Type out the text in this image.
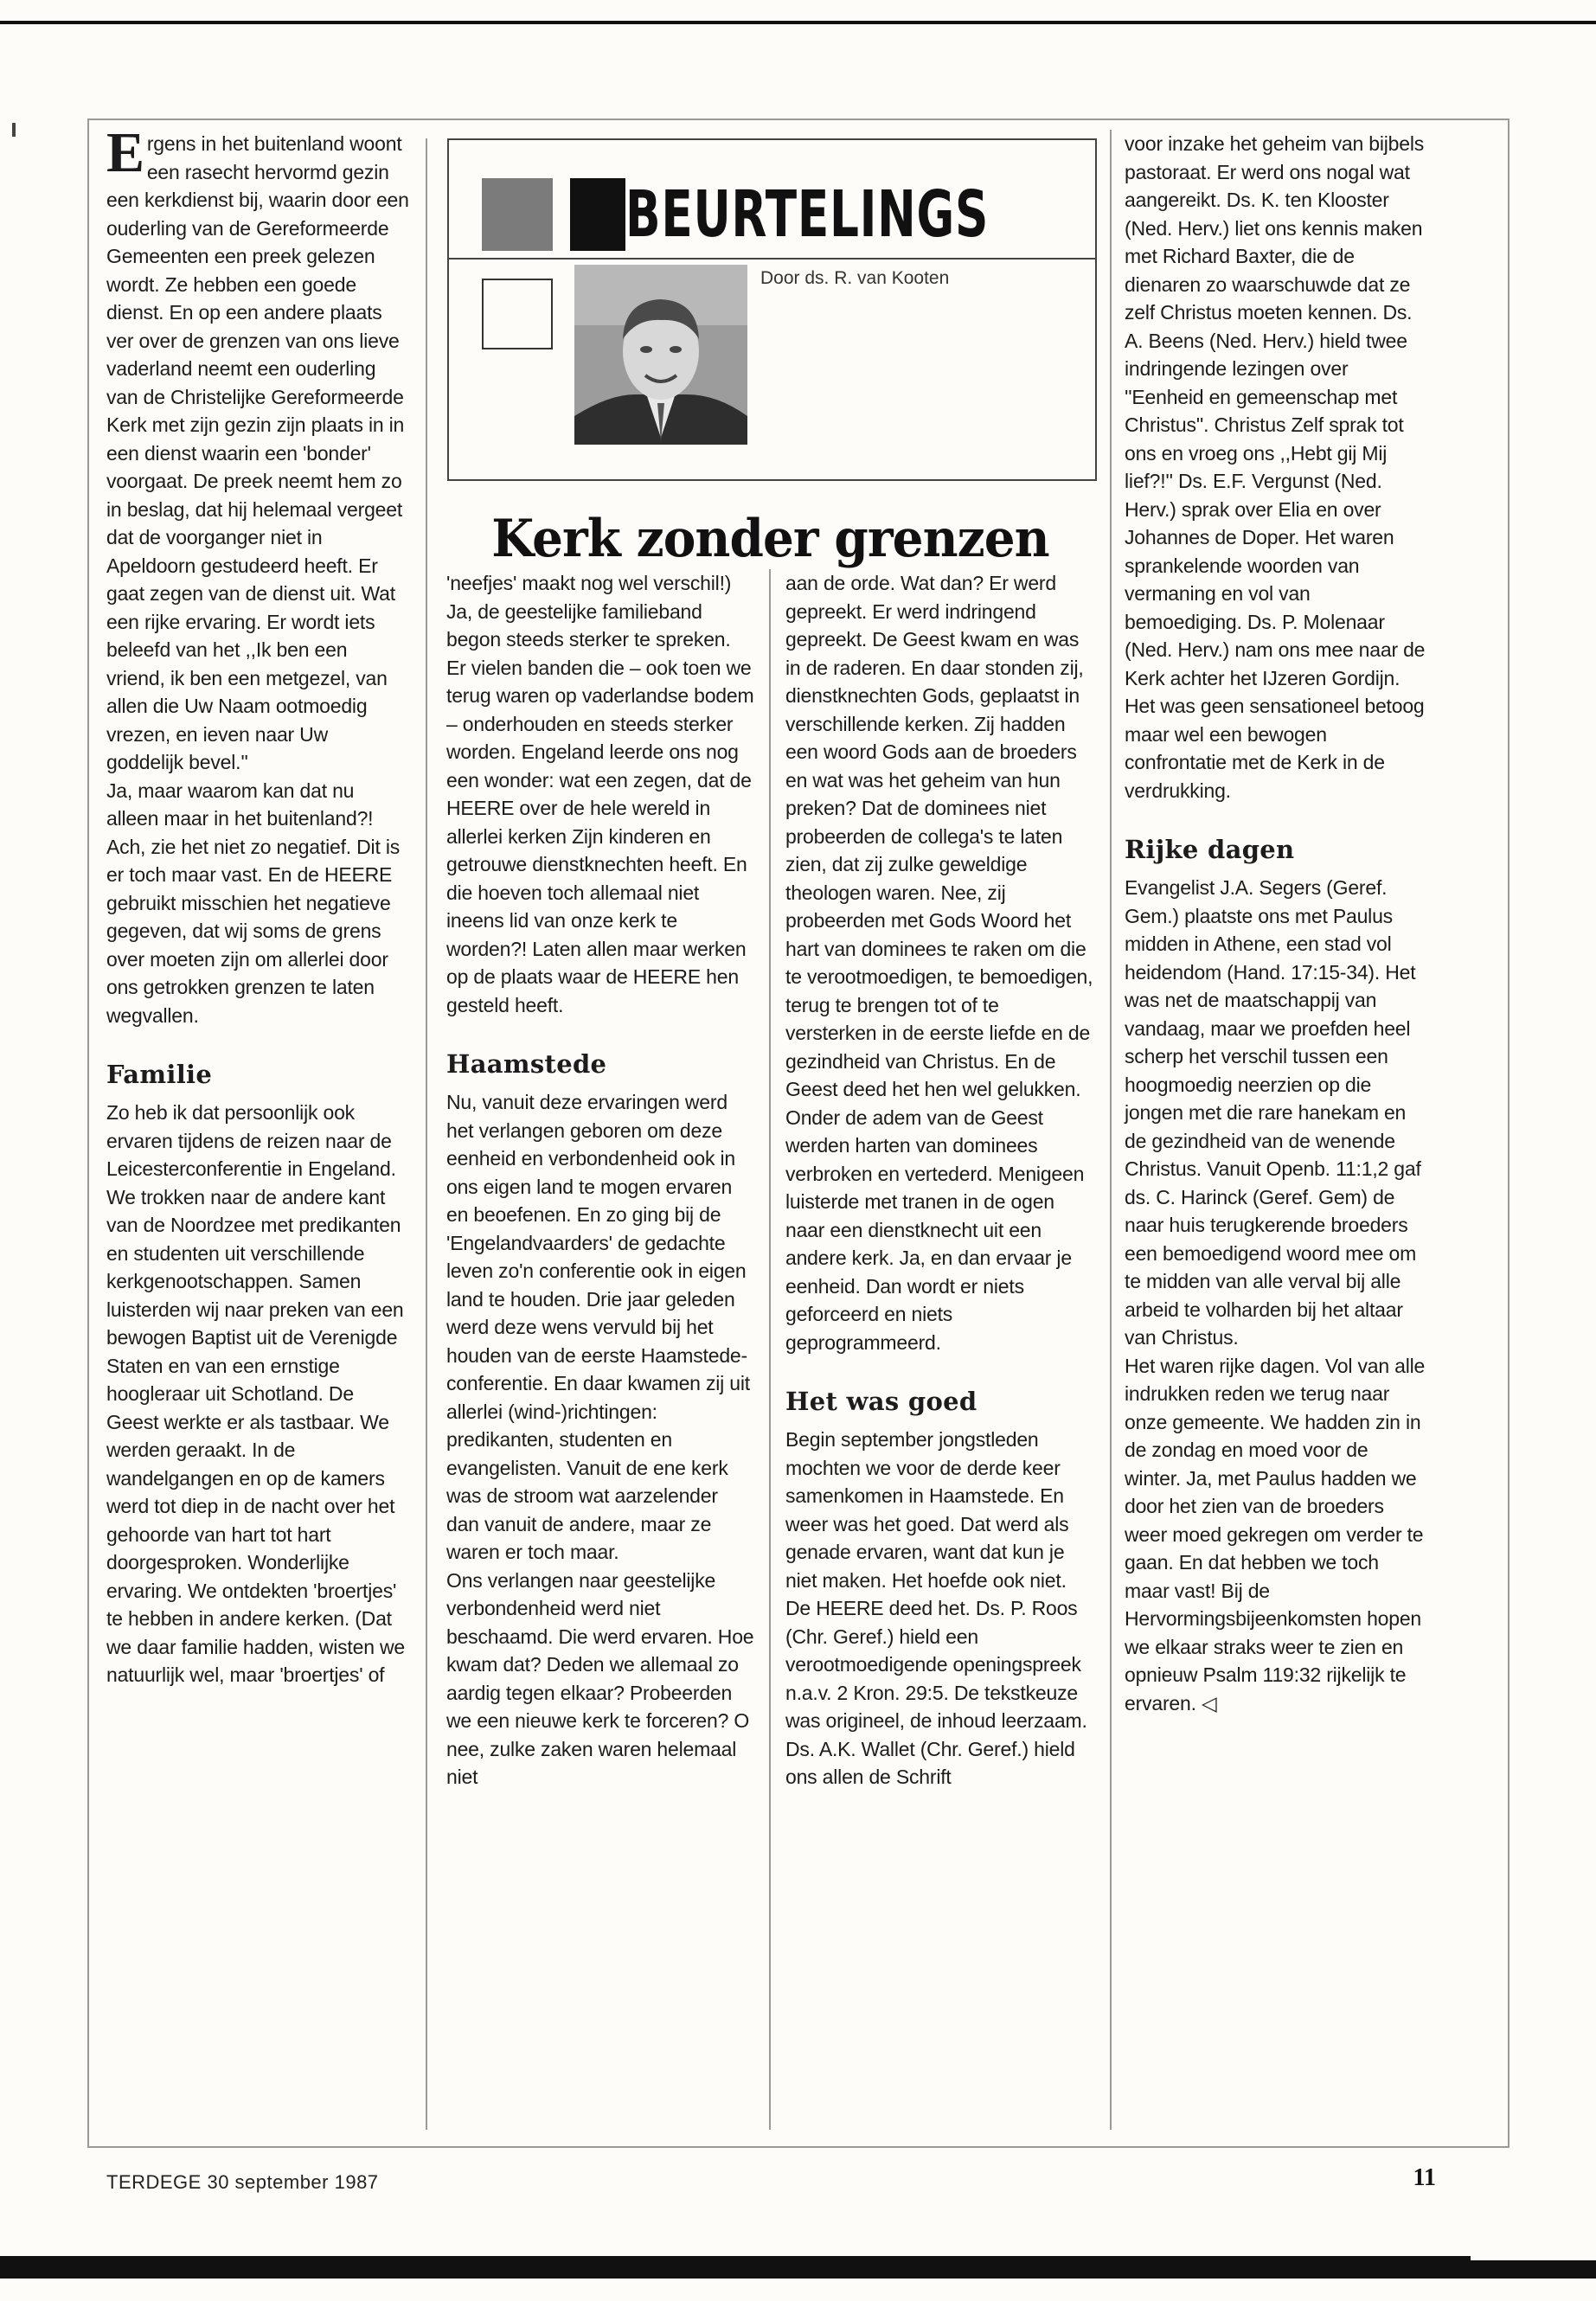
BEURTELINGS
Door ds. R. van Kooten
Kerk zonder grenzen

Ergens in het buitenland woont een rasecht hervormd gezin een kerkdienst bij, waarin door een ouderling van de Gereformeerde Gemeenten een preek gelezen wordt. Ze hebben een goede dienst. En op een andere plaats ver over de grenzen van ons lieve vaderland neemt een ouderling van de Christelijke Gereformeerde Kerk met zijn gezin zijn plaats in in een dienst waarin een 'bonder' voorgaat. De preek neemt hem zo in beslag, dat hij helemaal vergeet dat de voorganger niet in Apeldoorn gestudeerd heeft. Er gaat zegen van de dienst uit. Wat een rijke ervaring. Er wordt iets beleefd van het ,,Ik ben een vriend, ik ben een metgezel, van allen die Uw Naam ootmoedig vrezen, en ieven naar Uw goddelijk bevel.''

Ja, maar waarom kan dat nu alleen maar in het buitenland?! Ach, zie het niet zo negatief. Dit is er toch maar vast. En de HEERE gebruikt misschien het negatieve gegeven, dat wij soms de grens over moeten zijn om allerlei door ons getrokken grenzen te laten wegvallen.

Familie

Zo heb ik dat persoonlijk ook ervaren tijdens de reizen naar de Leicesterconferentie in Engeland. We trokken naar de andere kant van de Noordzee met predikanten en studenten uit verschillende kerkgenootschappen. Samen luisterden wij naar preken van een bewogen Baptist uit de Verenigde Staten en van een ernstige hoogleraar uit Schotland. De Geest werkte er als tastbaar. We werden geraakt. In de wandelgangen en op de kamers werd tot diep in de nacht over het gehoorde van hart tot hart doorgesproken. Wonderlijke ervaring. We ontdekten 'broertjes' te hebben in andere kerken. (Dat we daar familie hadden, wisten we natuurlijk wel, maar 'broertjes' of

'neefjes' maakt nog wel verschil!) Ja, de geestelijke familieband begon steeds sterker te spreken. Er vielen banden die – ook toen we terug waren op vaderlandse bodem – onderhouden en steeds sterker worden. Engeland leerde ons nog een wonder: wat een zegen, dat de HEERE over de hele wereld in allerlei kerken Zijn kinderen en getrouwe dienstknechten heeft. En die hoeven toch allemaal niet ineens lid van onze kerk te worden?! Laten allen maar werken op de plaats waar de HEERE hen gesteld heeft.

Haamstede

Nu, vanuit deze ervaringen werd het verlangen geboren om deze eenheid en verbondenheid ook in ons eigen land te mogen ervaren en beoefenen. En zo ging bij de 'Engelandvaarders' de gedachte leven zo'n conferentie ook in eigen land te houden. Drie jaar geleden werd deze wens vervuld bij het houden van de eerste Haamstede-conferentie. En daar kwamen zij uit allerlei (wind-)richtingen: predikanten, studenten en evangelisten. Vanuit de ene kerk was de stroom wat aarzelender dan vanuit de andere, maar ze waren er toch maar.

Ons verlangen naar geestelijke verbondenheid werd niet beschaamd. Die werd ervaren. Hoe kwam dat? Deden we allemaal zo aardig tegen elkaar? Probeerden we een nieuwe kerk te forceren? O nee, zulke zaken waren helemaal niet

aan de orde. Wat dan? Er werd gepreekt. Er werd indringend gepreekt. De Geest kwam en was in de raderen. En daar stonden zij, dienstknechten Gods, geplaatst in verschillende kerken. Zij hadden een woord Gods aan de broeders en wat was het geheim van hun preken? Dat de dominees niet probeerden de collega's te laten zien, dat zij zulke geweldige theologen waren. Nee, zij probeerden met Gods Woord het hart van dominees te raken om die te verootmoedigen, te bemoedigen, terug te brengen tot of te versterken in de eerste liefde en de gezindheid van Christus. En de Geest deed het hen wel gelukken. Onder de adem van de Geest werden harten van dominees verbroken en vertederd. Menigeen luisterde met tranen in de ogen naar een dienstknecht uit een andere kerk. Ja, en dan ervaar je eenheid. Dan wordt er niets geforceerd en niets geprogrammeerd.

Het was goed

Begin september jongstleden mochten we voor de derde keer samenkomen in Haamstede. En weer was het goed. Dat werd als genade ervaren, want dat kun je niet maken. Het hoefde ook niet. De HEERE deed het. Ds. P. Roos (Chr. Geref.) hield een verootmoedigende openingspreek n.a.v. 2 Kron. 29:5. De tekstkeuze was origineel, de inhoud leerzaam. Ds. A.K. Wallet (Chr. Geref.) hield ons allen de Schrift

voor inzake het geheim van bijbels pastoraat. Er werd ons nogal wat aangereikt. Ds. K. ten Klooster (Ned. Herv.) liet ons kennis maken met Richard Baxter, die de dienaren zo waarschuwde dat ze zelf Christus moeten kennen. Ds. A. Beens (Ned. Herv.) hield twee indringende lezingen over ''Eenheid en gemeenschap met Christus''. Christus Zelf sprak tot ons en vroeg ons ,,Hebt gij Mij lief?!'' Ds. E.F. Vergunst (Ned. Herv.) sprak over Elia en over Johannes de Doper. Het waren sprankelende woorden van vermaning en vol van bemoediging. Ds. P. Molenaar (Ned. Herv.) nam ons mee naar de Kerk achter het IJzeren Gordijn. Het was geen sensationeel betoog maar wel een bewogen confrontatie met de Kerk in de verdrukking.

Rijke dagen

Evangelist J.A. Segers (Geref. Gem.) plaatste ons met Paulus midden in Athene, een stad vol heidendom (Hand. 17:15-34). Het was net de maatschappij van vandaag, maar we proefden heel scherp het verschil tussen een hoogmoedig neerzien op die jongen met die rare hanekam en de gezindheid van de wenende Christus. Vanuit Openb. 11:1,2 gaf ds. C. Harinck (Geref. Gem) de naar huis terugkerende broeders een bemoedigend woord mee om te midden van alle verval bij alle arbeid te volharden bij het altaar van Christus.

Het waren rijke dagen. Vol van alle indrukken reden we terug naar onze gemeente. We hadden zin in de zondag en moed voor de winter. Ja, met Paulus hadden we door het zien van de broeders weer moed gekregen om verder te gaan. En dat hebben we toch maar vast! Bij de Hervormingsbijeenkomsten hopen we elkaar straks weer te zien en opnieuw Psalm 119:32 rijkelijk te ervaren. ◁

TERDEGE 30 september 1987	11
